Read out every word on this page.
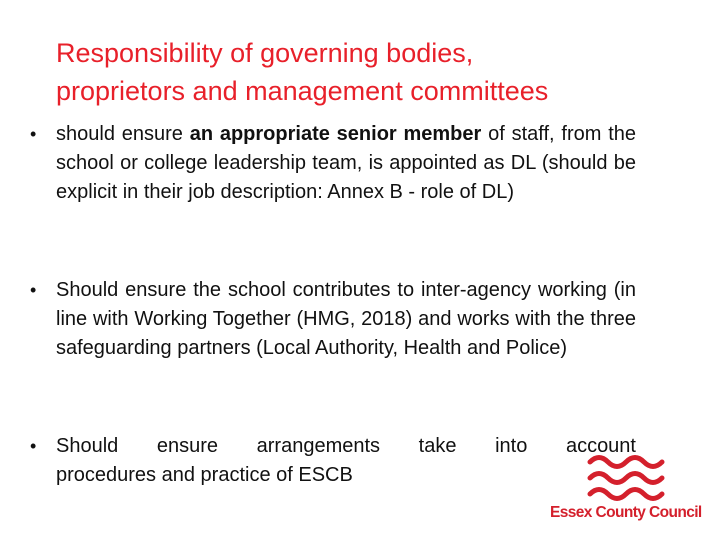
Responsibility of governing bodies,
proprietors and management committees
• should ensure an appropriate senior member of staff, from the school or college leadership team, is appointed as DL (should be explicit in their job description: Annex B - role of DL)
• Should ensure the school contributes to inter-agency working (in line with Working Together (HMG, 2018) and works with the three safeguarding partners (Local Authority, Health and Police)
• Should ensure arrangements take into account
procedures and practice of ESCB
Essex County Council
